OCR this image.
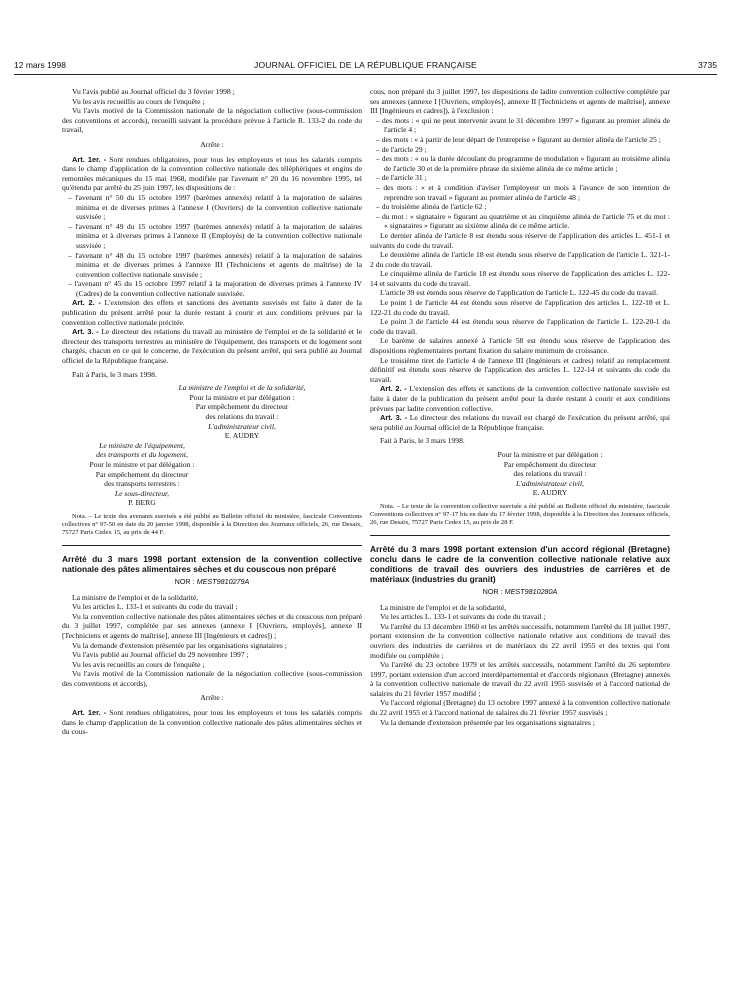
12 mars 1998	JOURNAL OFFICIEL DE LA RÉPUBLIQUE FRANÇAISE	3735

Vu l'avis publié au Journal officiel du 3 février 1998 ;

Vu les avis recueillis au cours de l'enquête ;

Vu l'avis motivé de la Commission nationale de la négociation collective (sous-commission des conventions et accords), recueilli suivant la procédure prévue à l'article R. 133-2 du code du travail,

Arrête :

Art. 1er. - Sont rendues obligatoires, pour tous les employeurs et tous les salariés compris dans le champ d'application de la convention collective nationale des téléphériques et engins de remontées mécaniques du 15 mai 1968, modifiée par l'avenant n° 20 du 16 novembre 1995, tel qu'étendu par arrêté du 25 juin 1997, les dispositions de :

– l'avenant n° 50 du 15 octobre 1997 (barèmes annexés) relatif à la majoration de salaires minima et de diverses primes à l'annexe I (Ouvriers) de la convention collective nationale susvisée ;

– l'avenant n° 49 du 15 octobre 1997 (barèmes annexés) relatif à la majoration de salaires minima et à diverses primes à l'annexe II (Employés) de la convention collective nationale susvisée ;

– l'avenant n° 48 du 15 octobre 1997 (barèmes annexés) relatif à la majoration de salaires minima et de diverses primes à l'annexe III (Techniciens et agents de maîtrise) de la convention collective nationale susvisée ;

– l'avenant n° 45 du 15 octobre 1997 relatif à la majoration de diverses primes à l'annexe IV (Cadres) de la convention collective nationale susvisée.

Art. 2. - L'extension des effets et sanctions des avenants susvisés est faite à dater de la publication du présent arrêté pour la durée restant à courir et aux conditions prévues par la convention collective nationale précitée.

Art. 3. - Le directeur des relations du travail au ministère de l'emploi et de la solidarité et le directeur des transports terrestres au ministère de l'équipement, des transports et du logement sont chargés, chacun en ce qui le concerne, de l'exécution du présent arrêté, qui sera publié au Journal officiel de la République française.

Fait à Paris, le 3 mars 1998.

La ministre de l'emploi et de la solidarité,
Pour la ministre et par délégation :
Par empêchement du directeur
des relations du travail :
L'administrateur civil,
E. AUDRY
Le ministre de l'équipement,
des transports et du logement,
Pour le ministre et par délégation :
Par empêchement du directeur
des transports terrestres :
Le sous-directeur,
P. BERG

Nota. – Le texte des avenants susvisés a été publié au Bulletin officiel du ministère, fascicule Conventions collectives n° 97-50 en date du 20 janvier 1998, disponible à la Direction des Journaux officiels, 26, rue Desaix, 75727 Paris Cedex 15, au prix de 44 F.

Arrêté du 3 mars 1998 portant extension de la convention collective nationale des pâtes alimentaires sèches et du couscous non préparé

NOR : MEST9810279A

La ministre de l'emploi et de la solidarité,

Vu les articles L. 133-1 et suivants du code du travail ;

Vu la convention collective nationale des pâtes alimentaires sèches et du couscous non préparé du 3 juillet 1997, complétée par ses annexes (annexe I [Ouvriers, employés], annexe II [Techniciens et agents de maîtrise], annexe III [Ingénieurs et cadres]) ;

Vu la demande d'extension présentée par les organisations signataires ;

Vu l'avis publié au Journal officiel du 29 novembre 1997 ;

Vu les avis recueillis au cours de l'enquête ;

Vu l'avis motivé de la Commission nationale de la négociation collective (sous-commission des conventions et accords),

Arrête :

Art. 1er. - Sont rendues obligatoires, pour tous les employeurs et tous les salariés compris dans le champ d'application de la convention collective nationale des pâtes alimentaires sèches et du cous-

cous, non préparé du 3 juillet 1997, les dispositions de ladite convention collective complétée par ses annexes (annexe I [Ouvriers, employés], annexe II [Techniciens et agents de maîtrise], annexe III [Ingénieurs et cadres]), à l'exclusion :

– des mots : « qui ne peut intervenir avant le 31 décembre 1997 » figurant au premier alinéa de l'article 4 ;

– des mots : « à partir de leur départ de l'entreprise » figurant au dernier alinéa de l'article 25 ;

– de l'article 29 ;

– des mots : « ou la durée découlant du programme de modulation » figurant au troisième alinéa de l'article 30 et de la première phrase du sixième alinéa de ce même article ;

– de l'article 31 ;

– des mots : « et à condition d'aviser l'employeur un mois à l'avance de son intention de reprendre son travail » figurant au premier alinéa de l'article 48 ;

– du troisième alinéa de l'article 62 ;

– du mot : « signataire » figurant au quatrième et au cinquième alinéa de l'article 75 et du mot : « signataires » figurant au sixième alinéa de ce même article.

Le dernier alinéa de l'article 8 est étendu sous réserve de l'application des articles L. 451-1 et suivants du code du travail.

Le deuxième alinéa de l'article 18 est étendu sous réserve de l'application de l'article L. 321-1-2 du code du travail.

Le cinquième alinéa de l'article 18 est étendu sous réserve de l'application des articles L. 122-14 et suivants du code du travail.

L'article 39 est étendu sous réserve de l'application de l'article L. 122-45 du code du travail.

Le point 1 de l'article 44 est étendu sous réserve de l'application des articles L. 122-18 et L. 122-21 du code du travail.

Le point 3 de l'article 44 est étendu sous réserve de l'application de l'article L. 122-20-1 du code du travail.

Le barème de salaires annexé à l'article 58 est étendu sous réserve de l'application des dispositions réglementaires portant fixation du salaire minimum de croissance.

Le troisième tiret de l'article 4 de l'annexe III (Ingénieurs et cadres) relatif au remplacement définitif est étendu sous réserve de l'application des articles L. 122-14 et suivants du code du travail.

Art. 2. - L'extension des effets et sanctions de la convention collective nationale susvisée est faite à dater de la publication du présent arrêté pour la durée restant à courir et aux conditions prévues par ladite convention collective.

Art. 3. - Le directeur des relations du travail est chargé de l'exécution du présent arrêté, qui sera publié au Journal officiel de la République française.

Fait à Paris, le 3 mars 1998.

Pour la ministre et par délégation :
Par empêchement du directeur
des relations du travail :
L'administrateur civil,
E. AUDRY

Nota. – Le texte de la convention collective susvisée a été publié au Bulletin officiel du ministère, fascicule Conventions collectives n° 97-17 bis en date du 17 février 1998, disponible à la Direction des Journaux officiels, 26, rue Desaix, 75727 Paris Cedex 15, au prix de 28 F.

Arrêté du 3 mars 1998 portant extension d'un accord régional (Bretagne) conclu dans le cadre de la convention collective nationale relative aux conditions de travail des ouvriers des industries de carrières et de matériaux (industries du granit)

NOR : MEST9810280A

La ministre de l'emploi et de la solidarité,

Vu les articles L. 133-1 et suivants du code du travail ;

Vu l'arrêté du 13 décembre 1960 et les arrêtés successifs, notamment l'arrêté du 18 juillet 1997, portant extension de la convention collective nationale relative aux conditions de travail des ouvriers des industries de carrières et de matériaux du 22 avril 1955 et des textes qui l'ont modifiée ou complétée ;

Vu l'arrêté du 23 octobre 1979 et les arrêtés successifs, notamment l'arrêté du 26 septembre 1997, portant extension d'un accord interdépartemental et d'accords régionaux (Bretagne) annexés à la convention collective nationale de travail du 22 avril 1955 susvisée et à l'accord national de salaires du 21 février 1957 modifié ;

Vu l'accord régional (Bretagne) du 13 octobre 1997 annexé à la convention collective nationale du 22 avril 1955 et à l'accord national de salaires du 21 février 1957 susvisés ;

Vu la demande d'extension présentée par les organisations signataires ;
